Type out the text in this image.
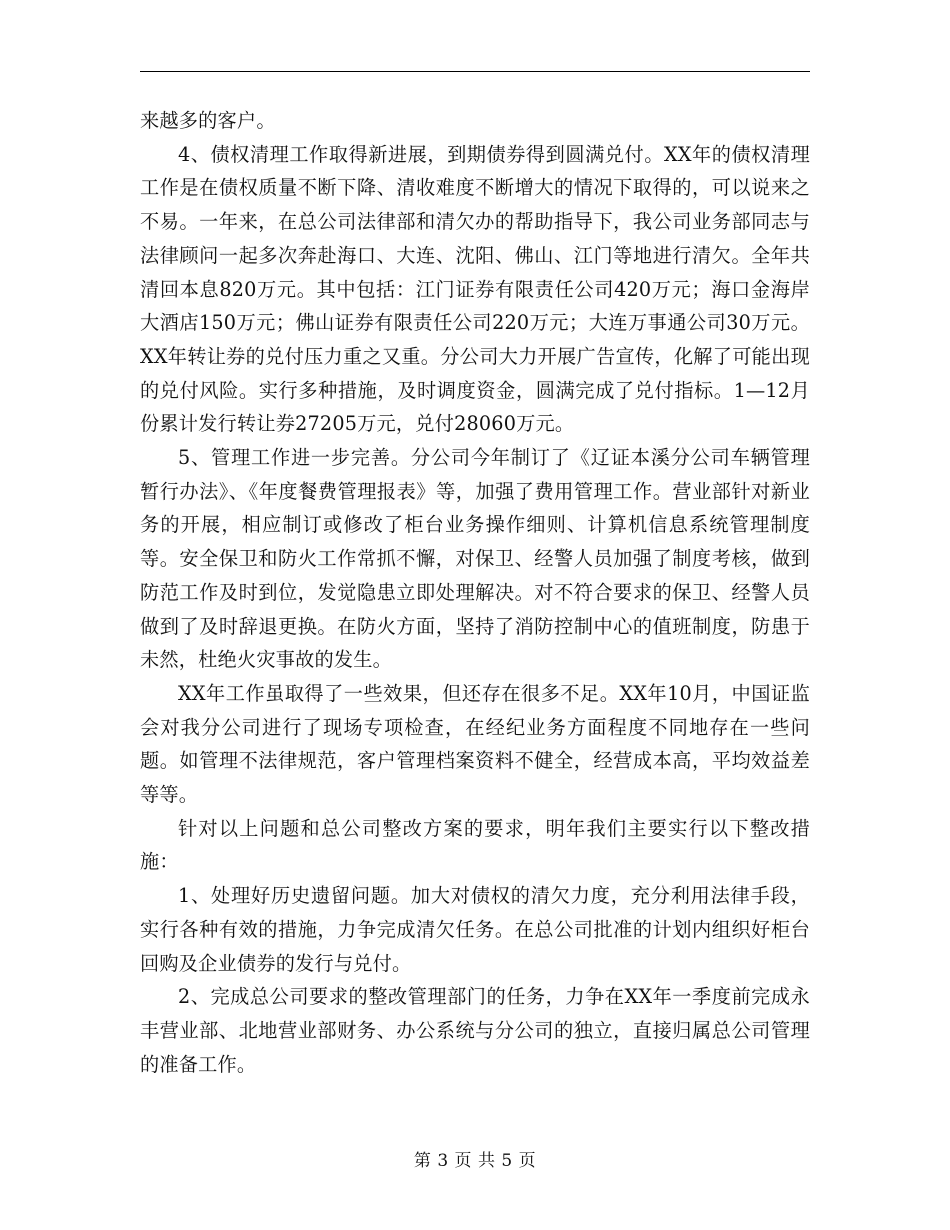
来越多的客户。

4、债权清理工作取得新进展，到期债券得到圆满兑付。XX年的债权清理工作是在债权质量不断下降、清收难度不断增大的情况下取得的，可以说来之不易。一年来，在总公司法律部和清欠办的帮助指导下，我公司业务部同志与法律顾问一起多次奔赴海口、大连、沈阳、佛山、江门等地进行清欠。全年共清回本息820万元。其中包括：江门证券有限责任公司420万元；海口金海岸大酒店150万元；佛山证券有限责任公司220万元；大连万事通公司30万元。XX年转让券的兑付压力重之又重。分公司大力开展广告宣传，化解了可能出现的兑付风险。实行多种措施，及时调度资金，圆满完成了兑付指标。1—12月份累计发行转让券27205万元，兑付28060万元。

5、管理工作进一步完善。分公司今年制订了《辽证本溪分公司车辆管理暂行办法》、《年度餐费管理报表》等，加强了费用管理工作。营业部针对新业务的开展，相应制订或修改了柜台业务操作细则、计算机信息系统管理制度等。安全保卫和防火工作常抓不懈，对保卫、经警人员加强了制度考核，做到防范工作及时到位，发觉隐患立即处理解决。对不符合要求的保卫、经警人员做到了及时辞退更换。在防火方面，坚持了消防控制中心的值班制度，防患于未然，杜绝火灾事故的发生。

XX年工作虽取得了一些效果，但还存在很多不足。XX年10月，中国证监会对我分公司进行了现场专项检查，在经纪业务方面程度不同地存在一些问题。如管理不法律规范，客户管理档案资料不健全，经营成本高，平均效益差等等。

针对以上问题和总公司整改方案的要求，明年我们主要实行以下整改措施：

1、处理好历史遗留问题。加大对债权的清欠力度，充分利用法律手段，实行各种有效的措施，力争完成清欠任务。在总公司批准的计划内组织好柜台回购及企业债券的发行与兑付。

2、完成总公司要求的整改管理部门的任务，力争在XX年一季度前完成永丰营业部、北地营业部财务、办公系统与分公司的独立，直接归属总公司管理的准备工作。

第 3 页 共 5 页
